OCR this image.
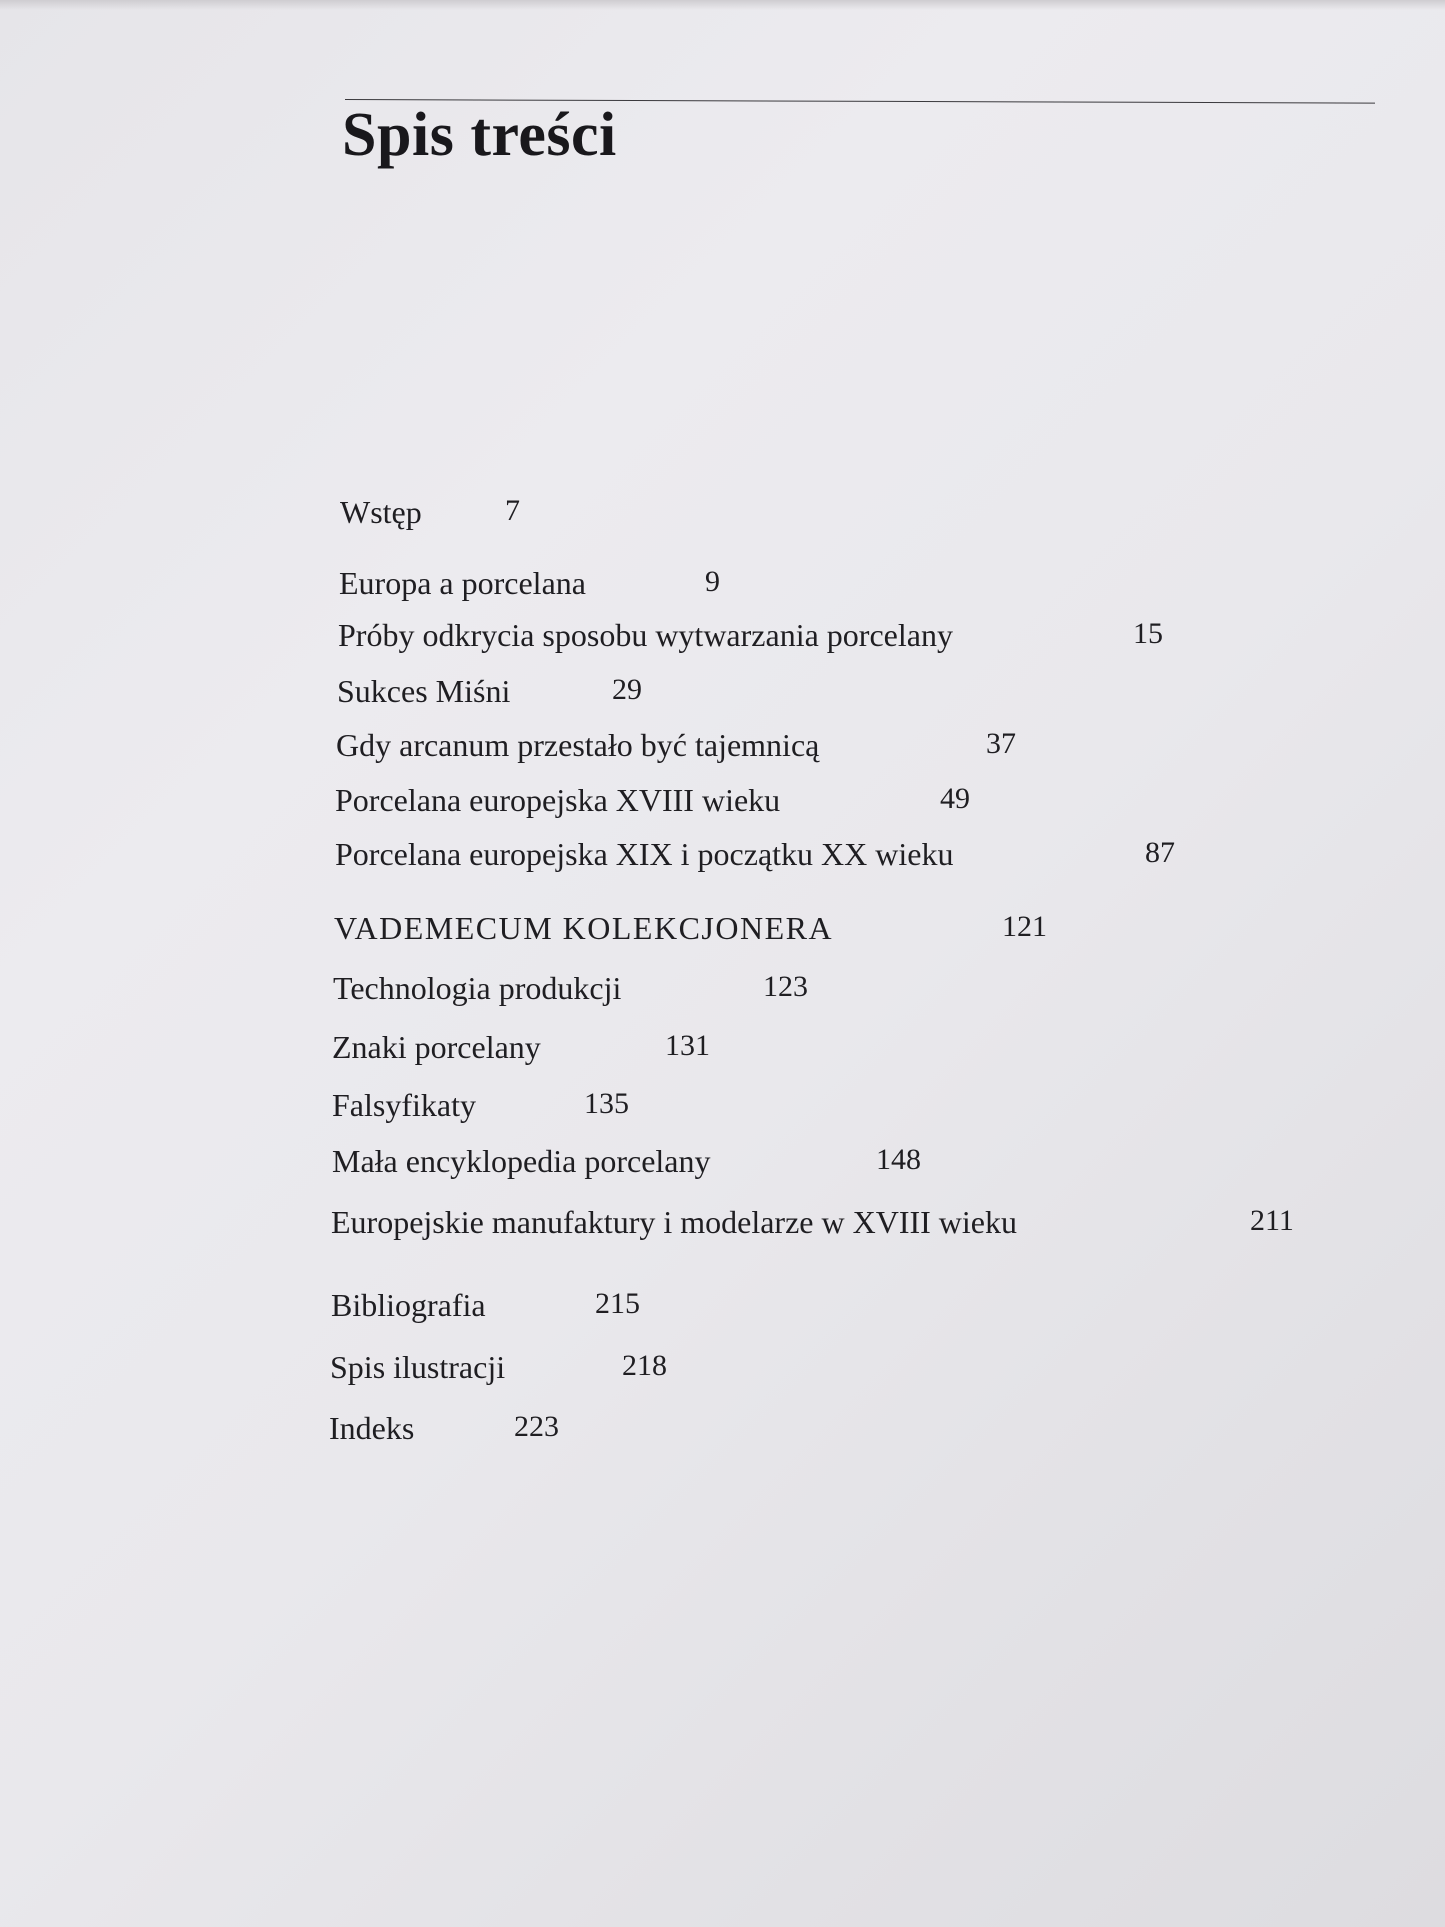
Spis treści
Wstęp	7
Europa a porcelana	9
Próby odkrycia sposobu wytwarzania porcelany	15
Sukces Miśni	29
Gdy arcanum przestało być tajemnicą	37
Porcelana europejska XVIII wieku	49
Porcelana europejska XIX i początku XX wieku	87
VADEMECUM KOLEKCJONERA	121
Technologia produkcji	123
Znaki porcelany	131
Falsyfikaty	135
Mała encyklopedia porcelany	148
Europejskie manufaktury i modelarze w XVIII wieku	211
Bibliografia	215
Spis ilustracji	218
Indeks	223
